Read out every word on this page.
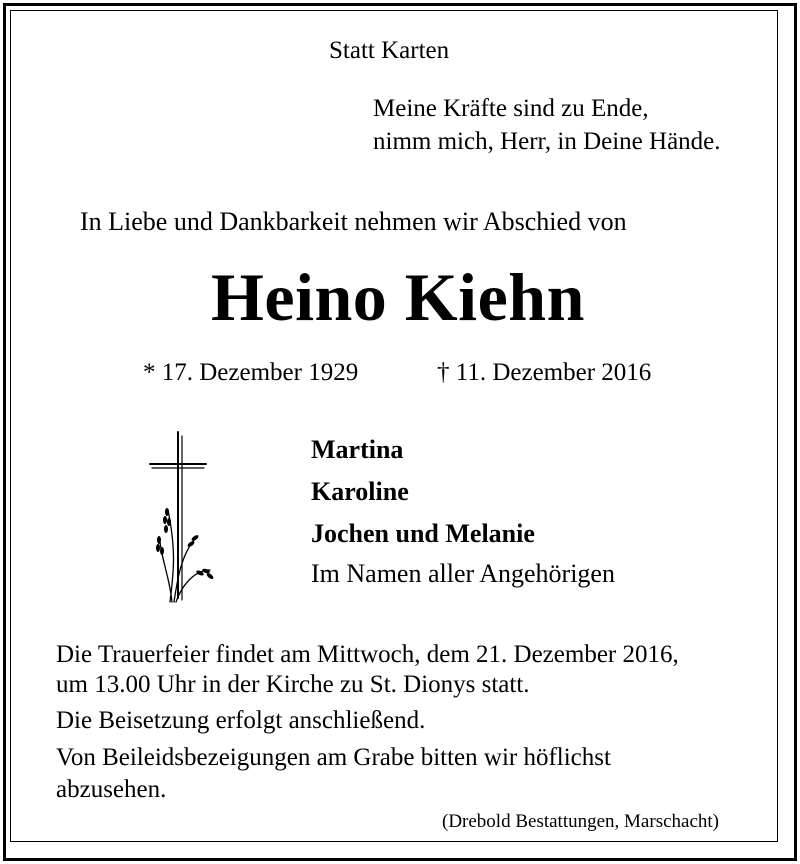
Statt Karten
Meine Kräfte sind zu Ende,
nimm mich, Herr, in Deine Hände.
In Liebe und Dankbarkeit nehmen wir Abschied von
Heino Kiehn
* 17. Dezember 1929	† 11. Dezember 2016
Martina
Karoline
Jochen und Melanie
Im Namen aller Angehörigen
Die Trauerfeier findet am Mittwoch, dem 21. Dezember 2016,
um 13.00 Uhr in der Kirche zu St. Dionys statt.
Die Beisetzung erfolgt anschließend.
Von Beileidsbezeigungen am Grabe bitten wir höflichst
abzusehen.
(Drebold Bestattungen, Marschacht)
